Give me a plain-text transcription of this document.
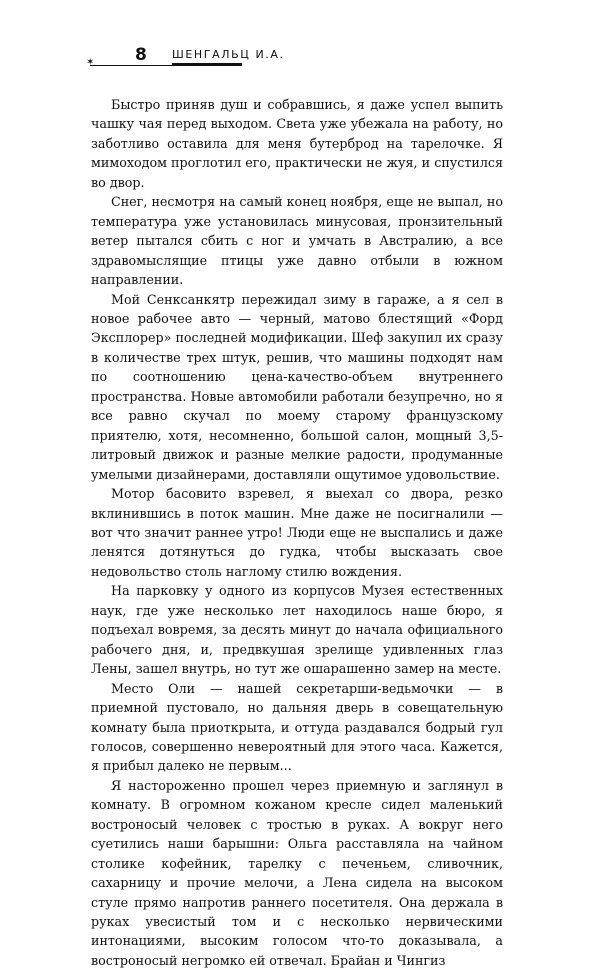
8 ШЕНГАЛЬЦ И.А.
✶

Быстро приняв душ и собравшись, я даже успел выпить чашку чая перед выходом. Света уже убежала на работу, но заботливо оставила для меня бутерброд на тарелочке. Я мимоходом проглотил его, практически не жуя, и спустился во двор.

Снег, несмотря на самый конец ноября, еще не выпал, но температура уже установилась минусовая, пронзительный ветер пытался сбить с ног и умчать в Австралию, а все здравомыслящие птицы уже давно отбыли в южном направлении.

Мой Сенксанкятр пережидал зиму в гараже, а я сел в новое рабочее авто — черный, матово блестящий «Форд Эксплорер» последней модификации. Шеф закупил их сразу в количестве трех штук, решив, что машины подходят нам по соотношению цена-качество-объем внутреннего пространства. Новые автомобили работали безупречно, но я все равно скучал по моему старому французскому приятелю, хотя, несомненно, большой салон, мощный 3,5-литровый движок и разные мелкие радости, продуманные умелыми дизайнерами, доставляли ощутимое удовольствие.

Мотор басовито взревел, я выехал со двора, резко вклинившись в поток машин. Мне даже не посигналили — вот что значит раннее утро! Люди еще не выспались и даже ленятся дотянуться до гудка, чтобы высказать свое недовольство столь наглому стилю вождения.

На парковку у одного из корпусов Музея естественных наук, где уже несколько лет находилось наше бюро, я подъехал вовремя, за десять минут до начала официального рабочего дня, и, предвкушая зрелище удивленных глаз Лены, зашел внутрь, но тут же ошарашенно замер на месте.

Место Оли — нашей секретарши-ведьмочки — в приемной пустовало, но дальняя дверь в совещательную комнату была приоткрыта, и оттуда раздавался бодрый гул голосов, совершенно невероятный для этого часа. Кажется, я прибыл далеко не первым...

Я настороженно прошел через приемную и заглянул в комнату. В огромном кожаном кресле сидел маленький востроносый человек с тростью в руках. А вокруг него суетились наши барышни: Ольга расставляла на чайном столике кофейник, тарелку с печеньем, сливочник, сахарницу и прочие мелочи, а Лена сидела на высоком стуле прямо напротив раннего посетителя. Она держала в руках увесистый том и с несколько нервическими интонациями, высоким голосом что-то доказывала, а востроносый негромко ей отвечал. Брайан и Чингиз
